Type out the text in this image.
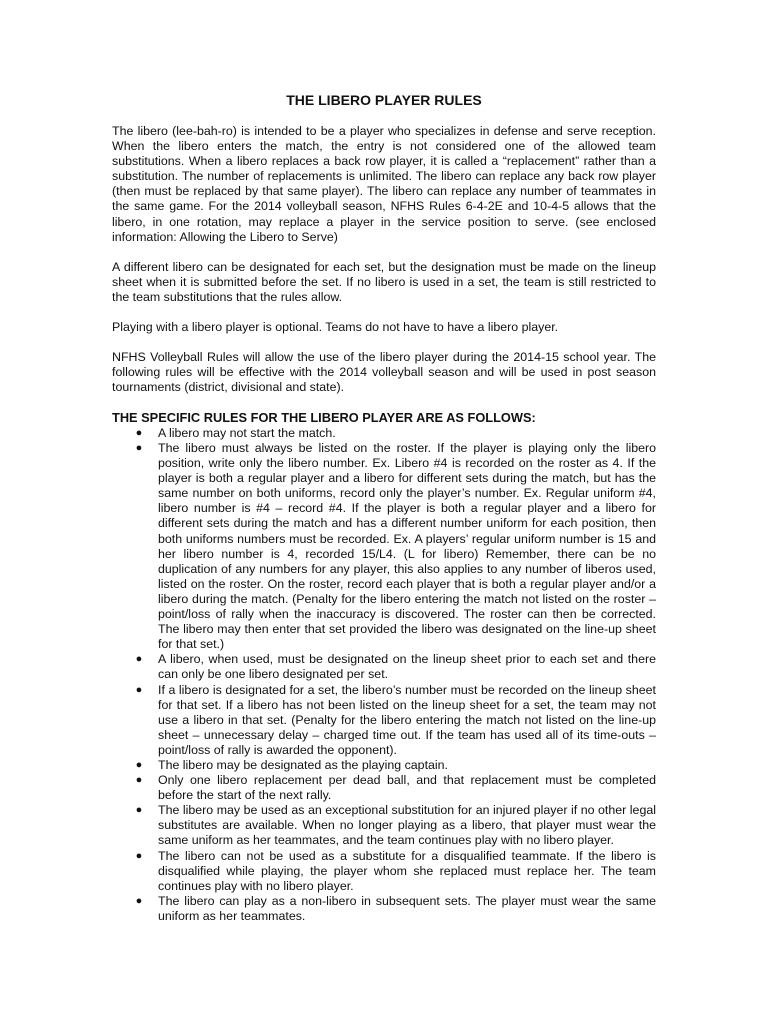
THE LIBERO PLAYER RULES

The libero (lee-bah-ro) is intended to be a player who specializes in defense and serve reception. When the libero enters the match, the entry is not considered one of the allowed team substitutions. When a libero replaces a back row player, it is called a “replacement” rather than a substitution. The number of replacements is unlimited. The libero can replace any back row player (then must be replaced by that same player). The libero can replace any number of teammates in the same game. For the 2014 volleyball season, NFHS Rules 6-4-2E and 10-4-5 allows that the libero, in one rotation, may replace a player in the service position to serve. (see enclosed information: Allowing the Libero to Serve)

A different libero can be designated for each set, but the designation must be made on the lineup sheet when it is submitted before the set. If no libero is used in a set, the team is still restricted to the team substitutions that the rules allow.

Playing with a libero player is optional. Teams do not have to have a libero player.

NFHS Volleyball Rules will allow the use of the libero player during the 2014-15 school year. The following rules will be effective with the 2014 volleyball season and will be used in post season tournaments (district, divisional and state).

THE SPECIFIC RULES FOR THE LIBERO PLAYER ARE AS FOLLOWS:
● A libero may not start the match.
● The libero must always be listed on the roster. If the player is playing only the libero position, write only the libero number. Ex. Libero #4 is recorded on the roster as 4. If the player is both a regular player and a libero for different sets during the match, but has the same number on both uniforms, record only the player’s number. Ex. Regular uniform #4, libero number is #4 – record #4. If the player is both a regular player and a libero for different sets during the match and has a different number uniform for each position, then both uniforms numbers must be recorded. Ex. A players’ regular uniform number is 15 and her libero number is 4, recorded 15/L4. (L for libero) Remember, there can be no duplication of any numbers for any player, this also applies to any number of liberos used, listed on the roster. On the roster, record each player that is both a regular player and/or a libero during the match. (Penalty for the libero entering the match not listed on the roster – point/loss of rally when the inaccuracy is discovered. The roster can then be corrected. The libero may then enter that set provided the libero was designated on the line-up sheet for that set.)
● A libero, when used, must be designated on the lineup sheet prior to each set and there can only be one libero designated per set.
● If a libero is designated for a set, the libero’s number must be recorded on the lineup sheet for that set. If a libero has not been listed on the lineup sheet for a set, the team may not use a libero in that set. (Penalty for the libero entering the match not listed on the line-up sheet – unnecessary delay – charged time out. If the team has used all of its time-outs – point/loss of rally is awarded the opponent).
● The libero may be designated as the playing captain.
● Only one libero replacement per dead ball, and that replacement must be completed before the start of the next rally.
● The libero may be used as an exceptional substitution for an injured player if no other legal substitutes are available. When no longer playing as a libero, that player must wear the same uniform as her teammates, and the team continues play with no libero player.
● The libero can not be used as a substitute for a disqualified teammate. If the libero is disqualified while playing, the player whom she replaced must replace her. The team continues play with no libero player.
● The libero can play as a non-libero in subsequent sets. The player must wear the same uniform as her teammates.
